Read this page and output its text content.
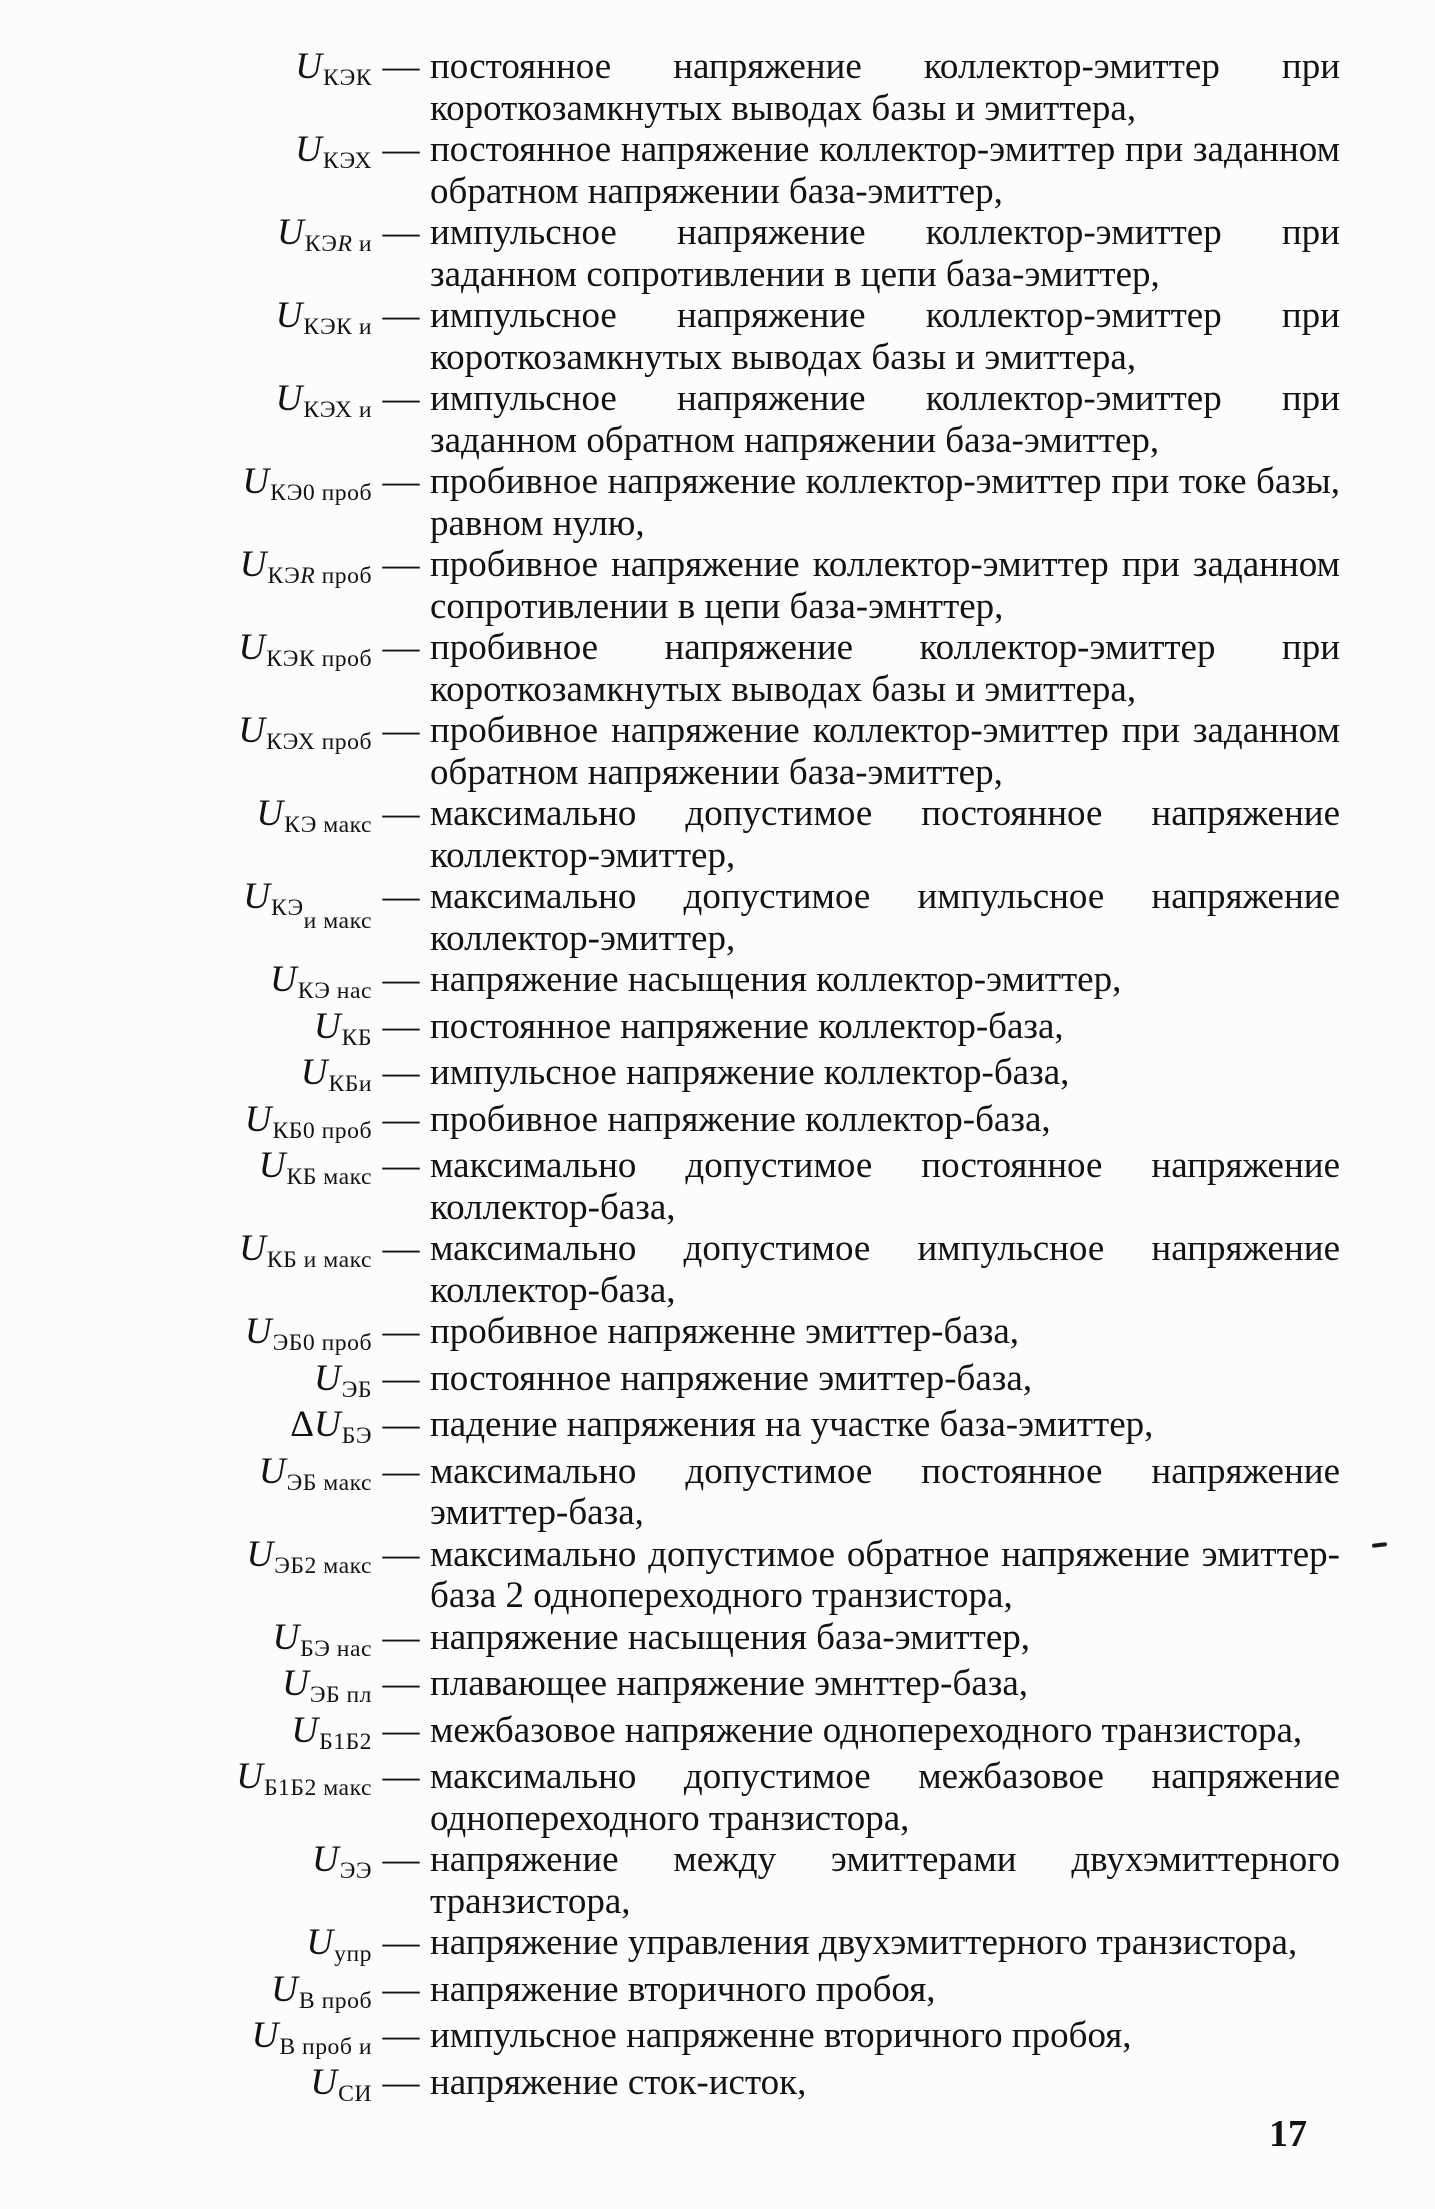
UКЭК — постоянное напряжение коллектор-эмиттер при короткозамкнутых выводах базы и эмиттера,
UКЭХ — постоянное напряжение коллектор-эмиттер при заданном обратном напряжении база-эмиттер,
UКЭR и — импульсное напряжение коллектор-эмиттер при заданном сопротивлении в цепи база-эмиттер,
UКЭК и — импульсное напряжение коллектор-эмиттер при короткозамкнутых выводах базы и эмиттера,
UКЭХ и — импульсное напряжение коллектор-эмиттер при заданном обратном напряжении база-эмиттер,
UКЭ0 проб — пробивное напряжение коллектор-эмиттер при токе базы, равном нулю,
UКЭR проб — пробивное напряжение коллектор-эмиттер при заданном сопротивлении в цепи база-эмнттер,
UКЭК проб — пробивное напряжение коллектор-эмиттер при короткозамкнутых выводах базы и эмиттера,
UКЭХ проб — пробивное напряжение коллектор-эмиттер при заданном обратном напряжении база-эмиттер,
UКЭ макс — максимально допустимое постоянное напряжение коллектор-эмиттер,
UКЭи макс
— максимально допустимое импульсное напряжение коллектор-эмиттер,
UКЭ нас — напряжение насыщения коллектор-эмиттер,
UКБ — постоянное напряжение коллектор-база,
UКБи — импульсное напряжение коллектор-база,
UКБ0 проб — пробивное напряжение коллектор-база,
UКБ макс — максимально допустимое постоянное напряжение коллектор-база,
UКБ и макс — максимально допустимое импульсное напряжение коллектор-база,
UЭБ0 проб — пробивное напряженне эмиттер-база,
UЭБ — постоянное напряжение эмиттер-база,
ΔUБЭ — падение напряжения на участке база-эмиттер,
UЭБ макс — максимально допустимое постоянное напряжение эмиттер-база,
UЭБ2 макс — максимально допустимое обратное напряжение эмиттер-база 2 однопереходного транзистора,
UБЭ нас — напряжение насыщения база-эмиттер,
UЭБ пл — плавающее напряжение эмнттер-база,
UБ1Б2 — межбазовое напряжение однопереходного транзистора,
UБ1Б2 макс — максимально допустимое межбазовое напряжение однопереходного транзистора,
UЭЭ — напряжение между эмиттерами двухэмиттерного транзистора,
Uупр — напряжение управления двухэмиттерного транзистора,
UВ проб — напряжение вторичного пробоя,
UВ проб и — импульсное напряженне вторичного пробоя,
UСИ — напряжение сток-исток,
17
